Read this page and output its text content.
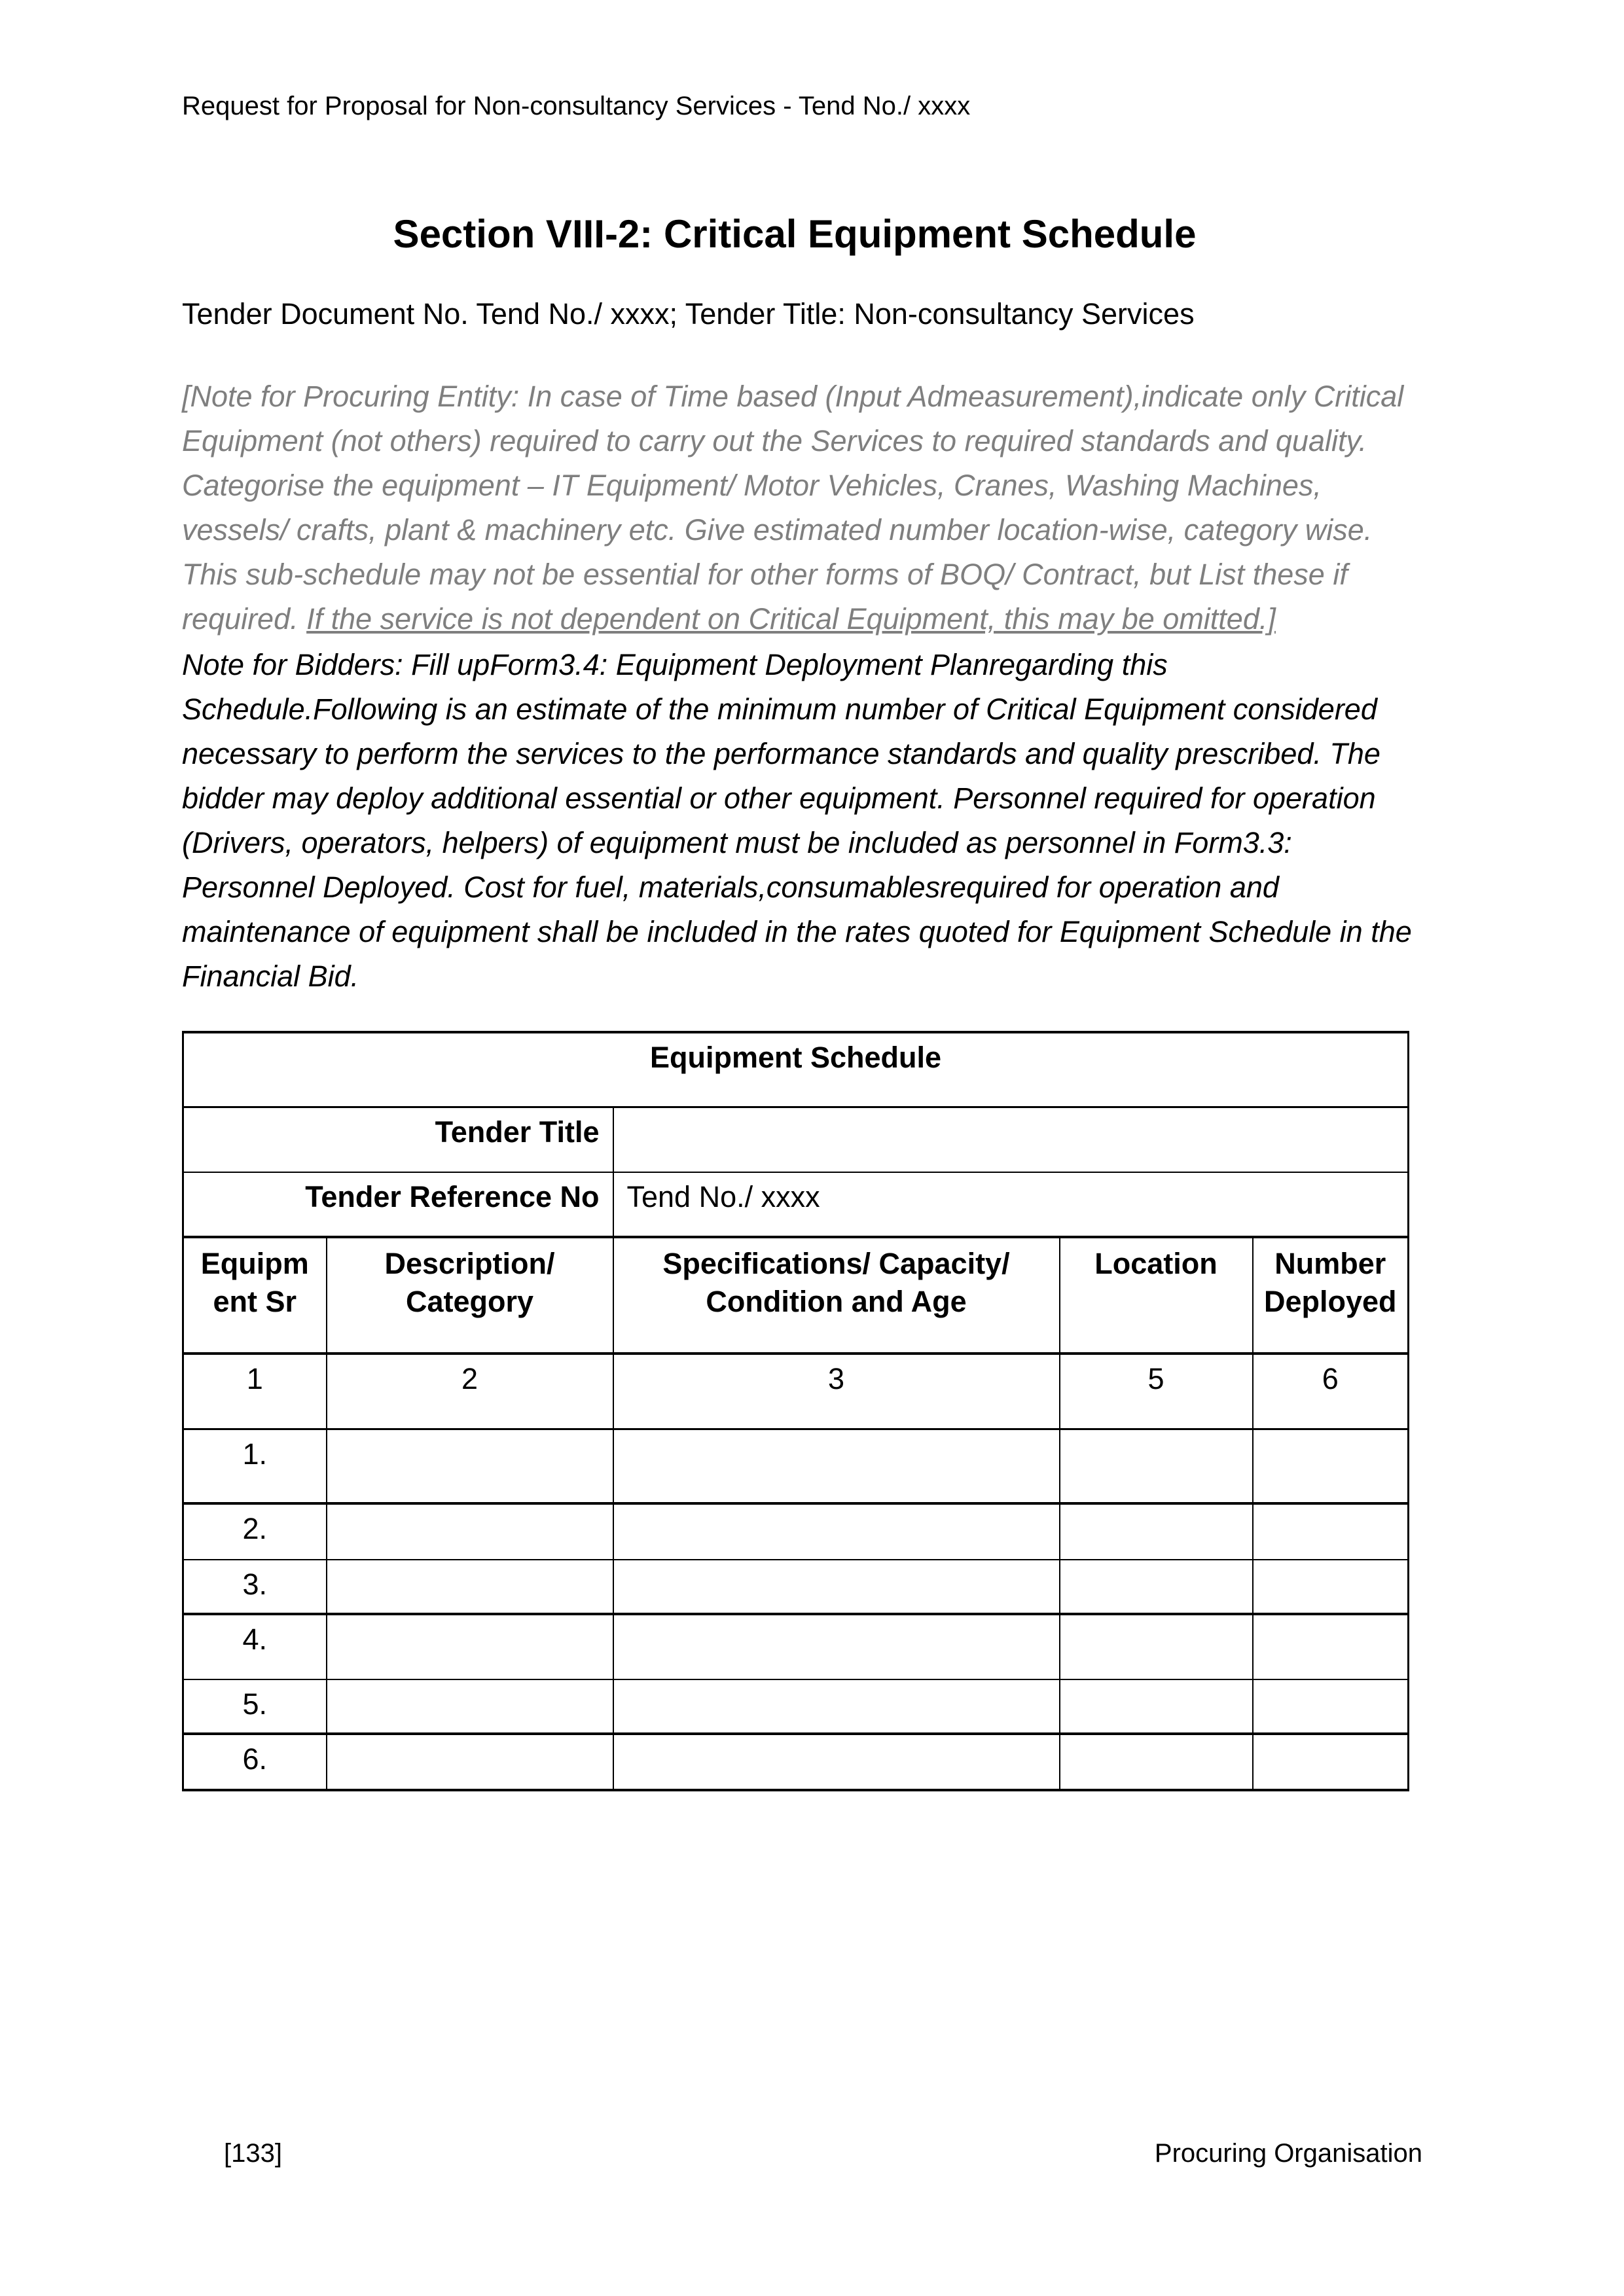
Request for Proposal for Non-consultancy Services - Tend No./ xxxx
Section VIII-2: Critical Equipment Schedule

Tender Document No. Tend No./ xxxx; Tender Title: Non-consultancy Services

[Note for Procuring Entity: In case of Time based (Input Admeasurement),indicate only Critical Equipment (not others) required to carry out the Services to required standards and quality. Categorise the equipment – IT Equipment/ Motor Vehicles, Cranes, Washing Machines, vessels/ crafts, plant & machinery etc. Give estimated number location-wise, category wise. This sub-schedule may not be essential for other forms of BOQ/ Contract, but List these if required. If the service is not dependent on Critical Equipment, this may be omitted.]

Note for Bidders: Fill upForm3.4: Equipment Deployment Planregarding this Schedule.Following is an estimate of the minimum number of Critical Equipment considered necessary to perform the services to the performance standards and quality prescribed. The bidder may deploy additional essential or other equipment. Personnel required for operation (Drivers, operators, helpers) of equipment must be included as personnel in Form3.3: Personnel Deployed. Cost for fuel, materials,consumablesrequired for operation and maintenance of equipment shall be included in the rates quoted for Equipment Schedule in the Financial Bid.

Equipment Schedule				
Tender Title				
Tender Reference No		Tend No./ xxxx		
Equipment Sr	Description/ Category	Specifications/ Capacity/ Condition and Age	Location	Number Deployed
1	2	3	5	6
1.				
2.				
3.				
4.				
5.				
6.				
[133]	Procuring Organisation
